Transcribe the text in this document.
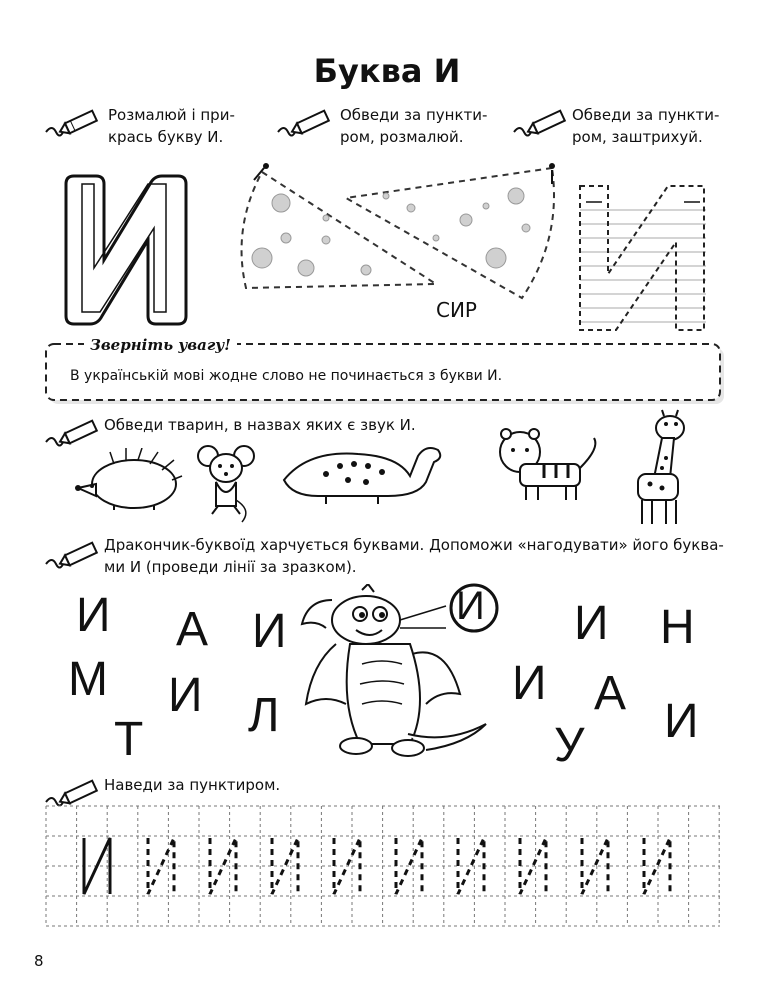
Буква И
Розмалюй і при-
крась букву И.
Обведи за пункти-
ром, розмалюй.
Обведи за пункти-
ром, заштрихуй.
СИР
Зверніть увагу!
В українській мові жодне слово не починається з букви И.
Обведи тварин, в назвах яких є звук И.
Дракончик-буквоїд харчується буквами. Допоможи «нагодувати» його буква-
ми И (проведи лінії за зразком).
И
И А И
М И Л
Т
И Н
И А
И
У
Наведи за пунктиром.
8
